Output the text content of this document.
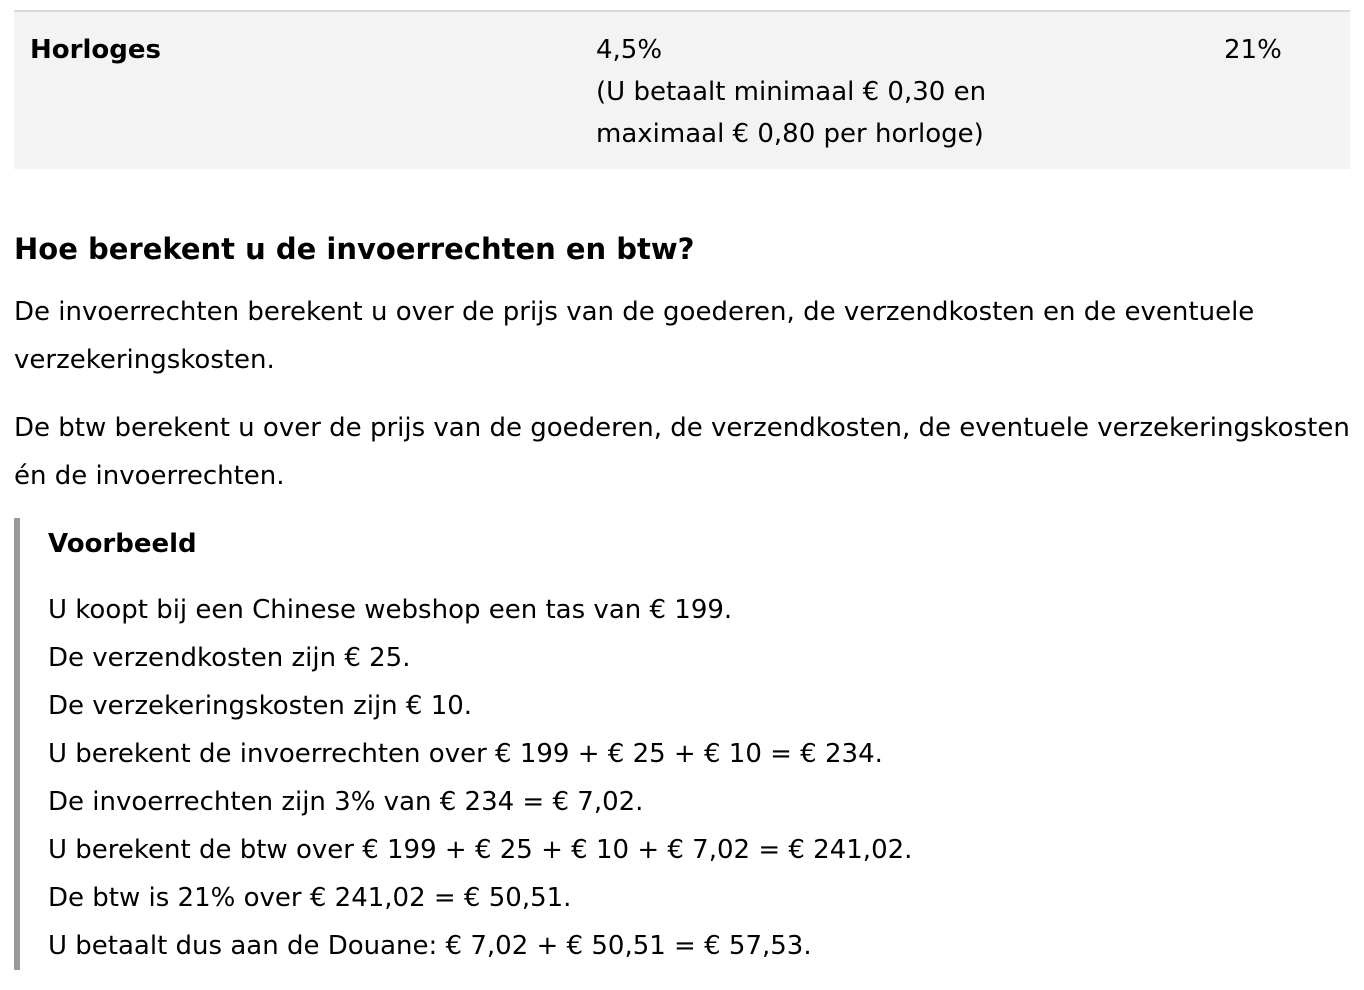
Horloges	4,5%
(U betaalt minimaal € 0,30 en
maximaal € 0,80 per horloge)
21%
Hoe berekent u de invoerrechten en btw?

De invoerrechten berekent u over de prijs van de goederen, de verzendkosten en de eventuele verzekeringskosten.

De btw berekent u over de prijs van de goederen, de verzendkosten, de eventuele verzekeringskosten én de invoerrechten.

Voorbeeld
U koopt bij een Chinese webshop een tas van € 199.
De verzendkosten zijn € 25.
De verzekeringskosten zijn € 10.
U berekent de invoerrechten over € 199 + € 25 + € 10 = € 234.
De invoerrechten zijn 3% van € 234 = € 7,02.
U berekent de btw over € 199 + € 25 + € 10 + € 7,02 = € 241,02.
De btw is 21% over € 241,02 = € 50,51.
U betaalt dus aan de Douane: € 7,02 + € 50,51 = € 57,53.
